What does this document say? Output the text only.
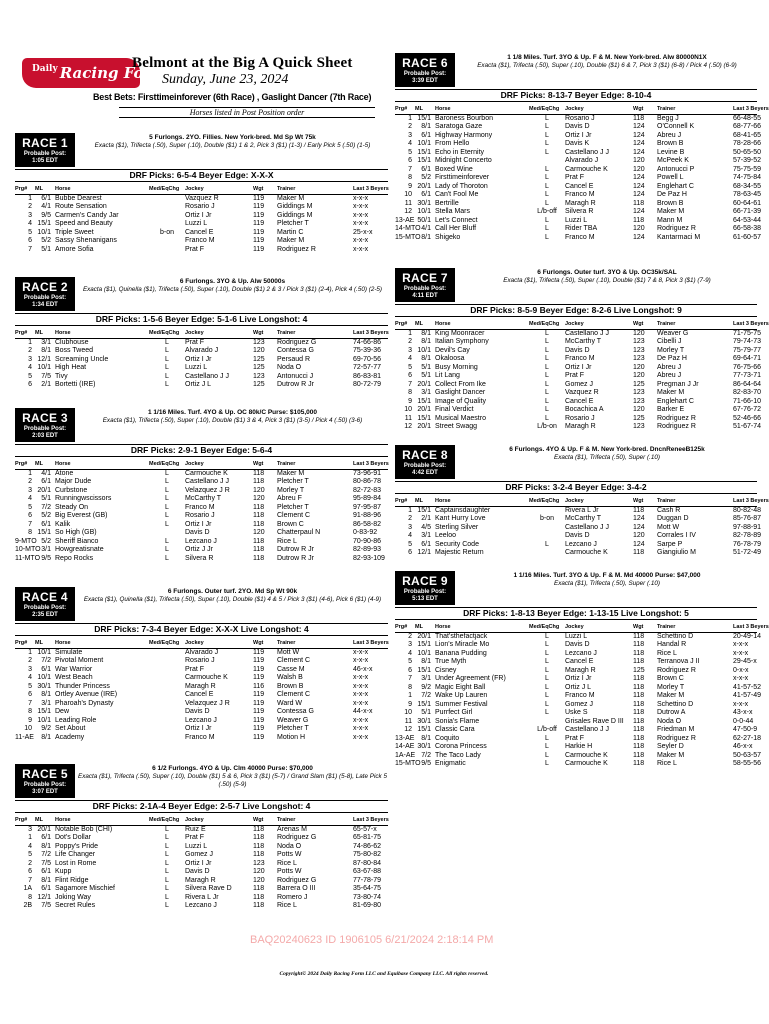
$^{Daily}$ Racing Form
Belmont at the Big A Quick Sheet
Sunday, June 23, 2024
Best Bets: Firsttimeinforever (6th Race) , Gaslight Dancer (7th Race)
Horses listed in Post Position order
RACE 1
Probable Post:
1:05 EDT
5 Furlongs. 2YO. Fillies. New York-bred. Md Sp Wt 75k
Exacta ($1), Trifecta (.50), Super (.10), Double ($1) 1 & 2, Pick 3 ($1) (1-3) / Early Pick 5 (.50) (1-5)
DRF Picks: 6-5-4 Beyer Edge: X-X-X
Prg#	ML	Horse	Med/EqChg	Jockey	Wgt	Trainer	Last 3 Beyers
1	6/1	Bubbe Dearest		Vazquez R	119	Maker M	x-x-x
2	4/1	Route Sensation		Rosario J	119	Giddings M	x-x-x
3	9/5	Carmen's Candy Jar		Ortiz I Jr	119	Giddings M	x-x-x
4	15/1	Speed and Beauty		Luzzi L	119	Pletcher T	x-x-x
5	10/1	Triple Sweet	b-on	Cancel E	119	Martin C	25-x-x
6	5/2	Sassy Shenanigans		Franco M	119	Maker M	x-x-x
7	5/1	Amore Sofia		Prat F	119	Rodriguez R	x-x-x
RACE 2
Probable Post:
1:34 EDT
6 Furlongs. 3YO & Up. Alw 50000s
Exacta ($1), Quinella ($1), Trifecta (.50), Super (.10), Double ($1) 2 & 3 / Pick 3 ($1) (2-4), Pick 4 (.50) (2-5)
DRF Picks: 1-5-6 Beyer Edge: 5-1-6 Live Longshot: 4
Prg#	ML	Horse	Med/EqChg	Jockey	Wgt	Trainer	Last 3 Beyers
1	3/1	Clubhouse	L	Prat F	123	Rodriguez G	74-66-86
2	8/1	Boss Tweed	L	Alvarado J	120	Contessa G	75-39-36
3	12/1	Screaming Uncle	L	Ortiz I Jr	125	Persaud R	69-70-56
4	10/1	High Heat	L	Luzzi L	125	Noda O	72-57-77
5	7/5	Tivy	L	Castellano J J	123	Antonucci J	86-83-81
6	2/1	Bortetti (IRE)	L	Ortiz J L	125	Dutrow R Jr	80-72-79
RACE 3
Probable Post:
2:03 EDT
1 1/16 Miles. Turf. 4YO & Up. OC 80k/C Purse: $105,000
Exacta ($1), Trifecta (.50), Super (.10), Double ($1) 3 & 4, Pick 3 ($1) (3-5) / Pick 4 (.50) (3-6)
DRF Picks: 2-9-1 Beyer Edge: 5-6-4
Prg#	ML	Horse	Med/EqChg	Jockey	Wgt	Trainer	Last 3 Beyers
1	4/1	Atone	L	Carmouche K	118	Maker M	73-96-91
2	6/1	Major Dude	L	Castellano J J	118	Pletcher T	80-86-78
3	20/1	Curbstone	L	Velazquez J R	120	Morley T	82-72-83
4	5/1	Runningwscissors	L	McCarthy T	120	Abreu F	95-89-84
5	7/2	Steady On	L	Franco M	118	Pletcher T	97-95-87
6	5/2	Big Everest (GB)	L	Rosario J	118	Clement C	91-88-96
7	6/1	Kalik	L	Ortiz I Jr	118	Brown C	86-58-82
8	15/1	So High (GB)		Davis D	120	Chatterpaul N	0-83-92
9-MTO	5/2	Sheriff Bianco	L	Lezcano J	118	Rice L	70-90-86
10-MTO	3/1	Howgreatisnate	L	Ortiz J Jr	118	Dutrow R Jr	82-89-93
11-MTO	9/5	Repo Rocks	L	Silvera R	118	Dutrow R Jr	82-93-109
RACE 4
Probable Post:
2:35 EDT
6 Furlongs. Outer turf. 2YO. Md Sp Wt 90k
Exacta ($1), Quinella ($1), Trifecta (.50), Super (.10), Double ($1) 4 & 5 / Pick 3 ($1) (4-6), Pick 6 ($1) (4-9)
DRF Picks: 7-3-4 Beyer Edge: X-X-X Live Longshot: 4
Prg#	ML	Horse	Med/EqChg	Jockey	Wgt	Trainer	Last 3 Beyers
1	10/1	Simulate		Alvarado J	119	Mott W	x-x-x
2	7/2	Pivotal Moment		Rosario J	119	Clement C	x-x-x
3	6/1	War Warrior		Prat F	119	Casse M	46-x-x
4	10/1	West Beach		Carmouche K	119	Walsh B	x-x-x
5	30/1	Thunder Princess		Maragh R	116	Brown B	x-x-x
6	8/1	Ortley Avenue (IRE)		Cancel E	119	Clement C	x-x-x
7	3/1	Pharoah's Dynasty		Velazquez J R	119	Ward W	x-x-x
8	15/1	Dew		Davis D	119	Contessa G	44-x-x
9	10/1	Leading Role		Lezcano J	119	Weaver G	x-x-x
10	9/2	Set About		Ortiz I Jr	119	Pletcher T	x-x-x
11-AE	8/1	Academy		Franco M	119	Motion H	x-x-x
RACE 5
Probable Post:
3:07 EDT
6 1/2 Furlongs. 4YO & Up. Clm 40000 Purse: $70,000
Exacta ($1), Trifecta (.50), Super (.10), Double ($1) 5 & 6, Pick 3 ($1) (5-7) / Grand Slam ($1) (5-8), Late Pick 5 (.50) (5-9)
DRF Picks: 2-1A-4 Beyer Edge: 2-5-7 Live Longshot: 4
Prg#	ML	Horse	Med/EqChg	Jockey	Wgt	Trainer	Last 3 Beyers
3	20/1	Notable Bob (CHI)	L	Ruiz E	118	Arenas M	65-57-x
1	6/1	Dot's Dollar	L	Prat F	118	Rodriguez G	65-81-75
4	8/1	Poppy's Pride	L	Luzzi L	118	Noda O	74-86-62
5	7/2	Life Changer	L	Gomez J	118	Potts W	75-80-82
2	7/5	Lost in Rome	L	Ortiz I Jr	123	Rice L	87-80-84
6	6/1	Kupp	L	Davis D	120	Potts W	63-67-88
7	8/1	Flint Ridge	L	Maragh R	120	Rodriguez G	77-78-79
1A	6/1	Sagamore Mischief	L	Silvera Rave D	118	Barrera O III	35-64-75
8	12/1	Joking Way	L	Rivera L Jr	118	Romero J	73-80-74
2B	7/5	Secret Rules	L	Lezcano J	118	Rice L	81-69-80
RACE 6
Probable Post:
3:39 EDT
1 1/8 Miles. Turf. 3YO & Up. F & M. New York-bred. Alw 80000N1X
Exacta ($1), Trifecta (.50), Super (.10), Double ($1) 6 & 7, Pick 3 ($1) (6-8) / Pick 4 (.50) (6-9)
DRF Picks: 8-13-7 Beyer Edge: 8-10-4
Prg#	ML	Horse	Med/EqChg	Jockey	Wgt	Trainer	Last 3 Beyers
1	15/1	Baroness Bourbon	L	Rosario J	118	Begg J	66-48-55
2	8/1	Saratoga Gaze	L	Davis D	124	O'Connell K	68-77-66
3	6/1	Highway Harmony	L	Ortiz I Jr	124	Abreu J	68-41-65
4	10/1	From Hello	L	Davis K	124	Brown B	78-28-66
5	15/1	Echo in Eternity	L	Castellano J J	124	Levine B	50-65-50
6	15/1	Midnight Concerto		Alvarado J	120	McPeek K	57-39-52
7	6/1	Boxed Wine	L	Carmouche K	120	Antonucci P	75-75-59
8	5/2	Firsttimeinforever	L	Prat F	124	Powell L	74-75-84
9	20/1	Lady of Thoroton	L	Cancel E	124	Englehart C	68-34-55
10	6/1	Can't Fool Me	L	Franco M	124	De Paz H	78-63-45
11	30/1	Bertrille	L	Maragh R	118	Brown B	60-64-61
12	10/1	Stella Mars	L/b-off	Silvera R	124	Maker M	66-71-39
13-AE	50/1	Let's Connect	L	Luzzi L	118	Mann M	64-53-44
14-MTO	4/1	Call Her Bluff	L	Rider TBA	120	Rodriguez R	66-58-38
15-MTO	8/1	Shigeko	L	Franco M	124	Kantarmaci M	61-60-57
RACE 7
Probable Post:
4:11 EDT
6 Furlongs. Outer turf. 3YO & Up. OC35k/SAL
Exacta ($1), Trifecta (.50), Super (.10), Double ($1) 7 & 8, Pick 3 ($1) (7-9)
DRF Picks: 8-5-9 Beyer Edge: 8-2-6 Live Longshot: 9
Prg#	ML	Horse	Med/EqChg	Jockey	Wgt	Trainer	Last 3 Beyers
1	8/1	King Moonracer	L	Castellano J J	120	Weaver G	71-75-75
2	8/1	Italian Symphony	L	McCarthy T	123	Cibelli J	79-74-73
3	10/1	Devil's Cay	L	Davis D	123	Morley T	75-79-77
4	8/1	Okaloosa	L	Franco M	123	De Paz H	69-64-71
5	5/1	Busy Morning	L	Ortiz I Jr	120	Abreu J	76-75-66
6	5/1	Lit Lang	L	Prat F	120	Abreu J	77-73-71
7	20/1	Collect From Ike	L	Gomez J	125	Pregman J Jr	86-64-64
8	3/1	Gaslight Dancer	L	Vazquez R	123	Maker M	82-83-70
9	15/1	Image of Quality	L	Cancel E	123	Englehart C	71-66-10
10	20/1	Final Verdict	L	Bocachica A	120	Barker E	67-76-72
11	15/1	Musical Maestro	L	Rosario J	125	Rodriguez R	52-46-66
12	20/1	Street Swagg	L/b-on	Maragh R	123	Rodriguez R	51-67-74
RACE 8
Probable Post:
4:42 EDT
6 Furlongs. 4YO & Up. F & M. New York-bred. DncnReneeB125k
Exacta ($1), Trifecta (.50), Super (.10)
DRF Picks: 3-2-4 Beyer Edge: 3-4-2
Prg#	ML	Horse	Med/EqChg	Jockey	Wgt	Trainer	Last 3 Beyers
1	15/1	Captainsdaughter		Rivera L Jr	118	Cash R	80-82-48
2	2/1	Kant Hurry Love	b-on	McCarthy T	124	Duggan D	85-76-87
3	4/5	Sterling Silver		Castellano J J	124	Mott W	97-88-91
4	3/1	Leeloo		Davis D	120	Corrales I IV	82-78-89
5	6/1	Security Code	L	Lezcano J	124	Sarpe P	76-78-79
6	12/1	Majestic Return		Carmouche K	118	Giangiulio M	51-72-49
RACE 9
Probable Post:
5:13 EDT
1 1/16 Miles. Turf. 3YO & Up. F & M. Md 40000 Purse: $47,000
Exacta ($1), Trifecta (.50), Super (.10)
DRF Picks: 1-8-13 Beyer Edge: 1-13-15 Live Longshot: 5
Prg#	ML	Horse	Med/EqChg	Jockey	Wgt	Trainer	Last 3 Beyers
2	20/1	That'sthefactjack	L	Luzzi L	118	Schettino D	20-49-14
3	15/1	Lion's Miracle Mo	L	Davis D	118	Handal R	x-x-x
4	10/1	Banana Pudding	L	Lezcano J	118	Rice L	x-x-x
5	8/1	True Myth	L	Cancel E	118	Terranova J II	29-45-x
6	15/1	Cisney	L	Maragh R	125	Rodriguez R	0-x-x
7	3/1	Under Agreement (FR)	L	Ortiz I Jr	118	Brown C	x-x-x
8	9/2	Magic Eight Ball	L	Ortiz J L	118	Morley T	41-57-52
1	7/2	Wake Up Lauren	L	Franco M	118	Maker M	41-57-49
9	15/1	Summer Festival	L	Gomez J	118	Schettino D	x-x-x
10	5/1	Purrfect Girl	L	Uske S	118	Dutrow A	43-x-x
11	30/1	Sonia's Flame		Grisales Rave D III	118	Noda O	0-0-44
12	15/1	Classic Cara	L/b-off	Castellano J J	118	Friedman M	47-50-9
13-AE	8/1	Coquito	L	Prat F	118	Rodriguez R	62-27-18
14-AE	30/1	Corona Princess	L	Harkie H	118	Seyler D	46-x-x
1A-AE	7/2	The Taco Lady	L	Carmouche K	118	Maker M	50-63-57
15-MTO	9/5	Enigmatic	L	Carmouche K	118	Rice L	58-55-56
BAQ20240623 ID 1906105 6/21/2024 2:18:14 PM
Copyright© 2024 Daily Racing Form LLC and Equibase Company LLC. All rights reserved.
